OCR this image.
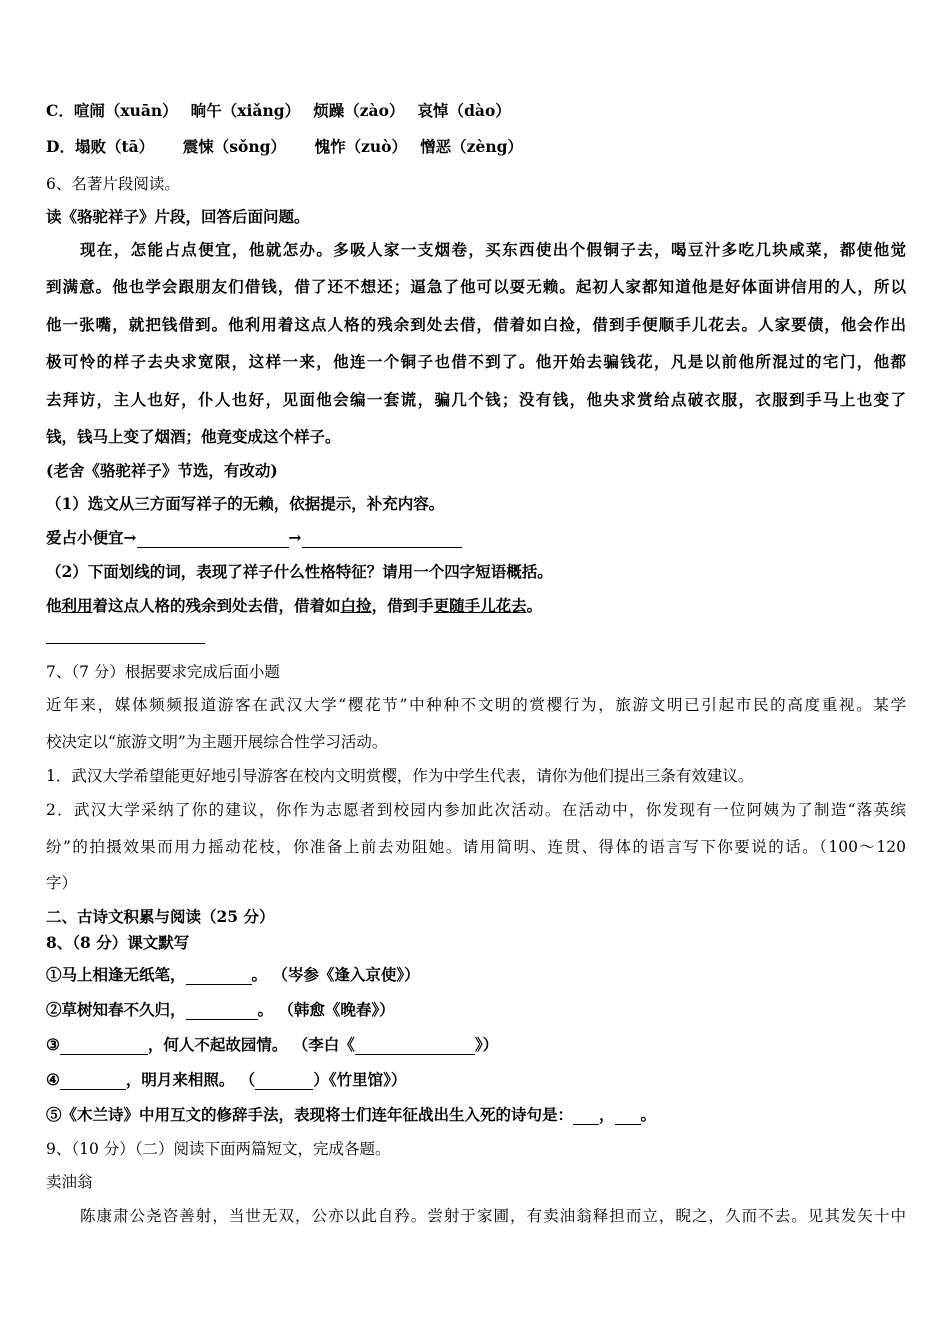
C．喧闹（xuān）　 晌午（xiǎng）　 烦躁（zào）　 哀悼（dào）
D．塌败（tā）　　 震悚（sǒng）　　 愧怍（zuò）　 憎恶（zèng）
6、名著片段阅读。
读《骆驼祥子》片段，回答后面问题。
现在，怎能占点便宜，他就怎办。多吸人家一支烟卷，买东西使出个假铜子去，喝豆汁多吃几块咸菜，都使他觉
到满意。他也学会跟朋友们借钱，借了还不想还；逼急了他可以耍无赖。起初人家都知道他是好体面讲信用的人，所以
他一张嘴，就把钱借到。他利用着这点人格的残余到处去借，借着如白捡，借到手便顺手儿花去。人家要债，他会作出
极可怜的样子去央求宽限，这样一来，他连一个铜子也借不到了。他开始去骗钱花，凡是以前他所混过的宅门，他都
去拜访，主人也好，仆人也好，见面他会编一套谎，骗几个钱；没有钱，他央求赏给点破衣服，衣服到手马上也变了
钱，钱马上变了烟酒；他竟变成这个样子。
(老舍《骆驼祥子》节选，有改动)
（1）选文从三方面写祥子的无赖，依据提示，补充内容。
爱占小便宜→	→
（2）下面划线的词，表现了祥子什么性格特征？请用一个四字短语概括。
他利用着这点人格的残余到处去借，借着如白捡，借到手更随手儿花去。
7、（7 分）根据要求完成后面小题
近年来，媒体频频报道游客在武汉大学“樱花节”中种种不文明的赏樱行为，旅游文明已引起市民的高度重视。某学
校决定以“旅游文明”为主题开展综合性学习活动。
1．武汉大学希望能更好地引导游客在校内文明赏樱，作为中学生代表，请你为他们提出三条有效建议。
2．武汉大学采纳了你的建议，你作为志愿者到校园内参加此次活动。在活动中，你发现有一位阿姨为了制造“落英缤
纷”的拍摄效果而用力摇动花枝，你准备上前去劝阻她。请用简明、连贯、得体的语言写下你要说的话。（100～120
字）
二、古诗文积累与阅读（25 分）
8、（8 分）课文默写
①马上相逢无纸笔，	。 （岑参《逢入京使》）
②草树知春不久归，	。 （韩愈《晚春》）
③	，何人不起故园情。 （李白《	》）
④	，明月来相照。 （	）《竹里馆》）
⑤《木兰诗》中用互文的修辞手法，表现将士们连年征战出生入死的诗句是： ， 。
9、（10 分）（二）阅读下面两篇短文，完成各题。
卖油翁
陈康肃公尧咨善射，当世无双，公亦以此自矜。尝射于家圃，有卖油翁释担而立，睨之，久而不去。见其发矢十中
